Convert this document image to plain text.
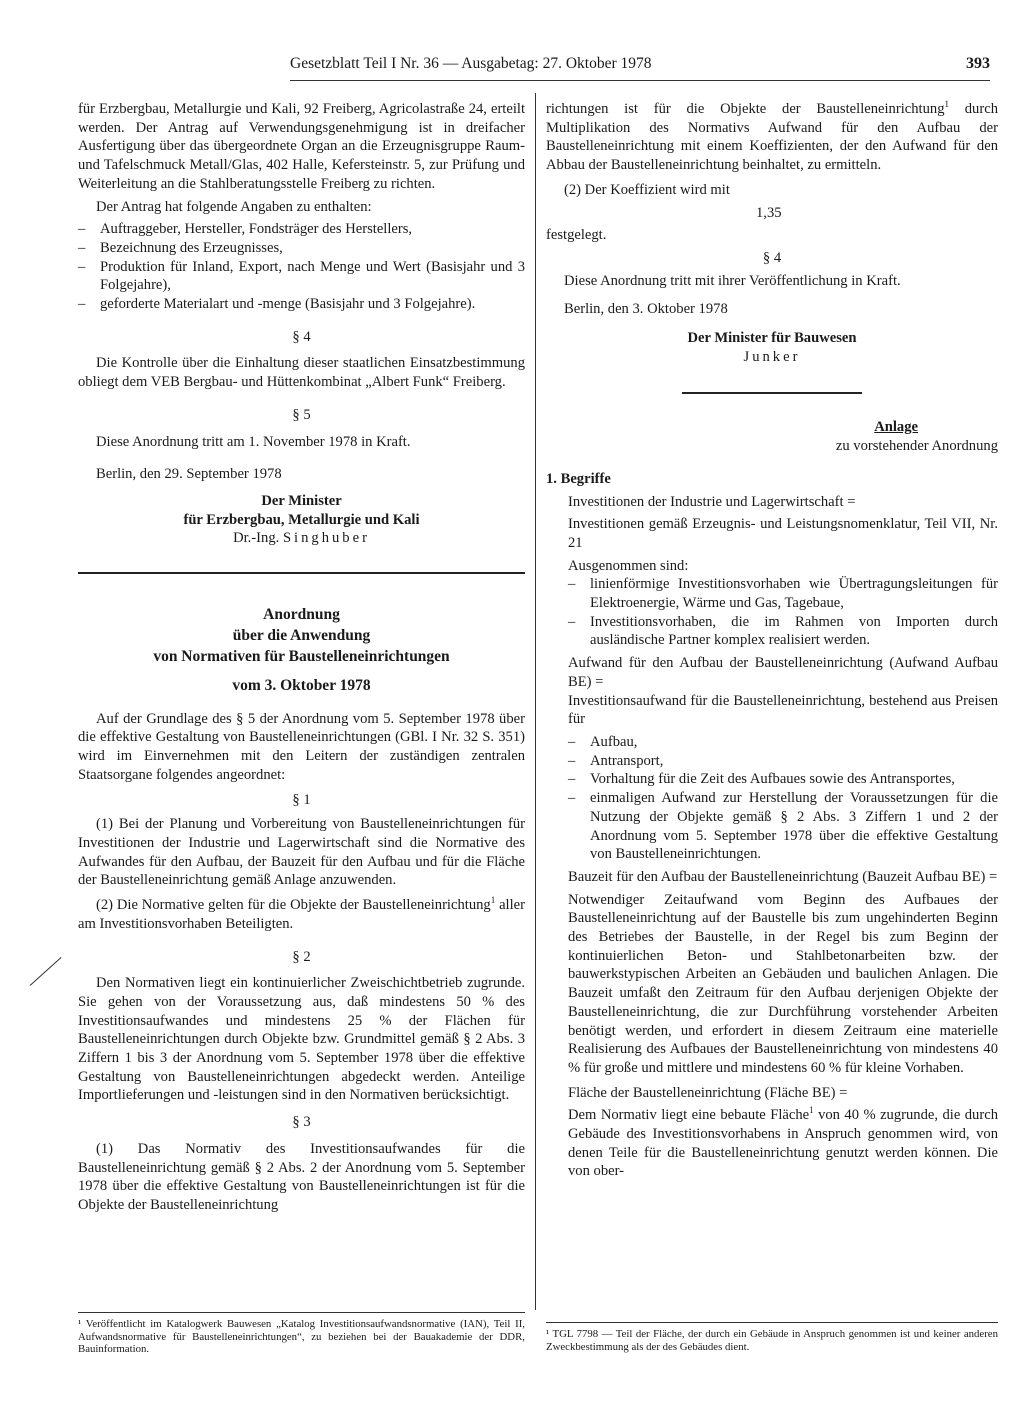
Gesetzblatt Teil I Nr. 36 — Ausgabetag: 27. Oktober 1978	393

für Erzbergbau, Metallurgie und Kali, 92 Freiberg, Agricolastraße 24, erteilt werden. Der Antrag auf Verwendungsgenehmigung ist in dreifacher Ausfertigung über das übergeordnete Organ an die Erzeugnisgruppe Raum- und Tafelschmuck Metall/Glas, 402 Halle, Kefersteinstr. 5, zur Prüfung und Weiterleitung an die Stahlberatungsstelle Freiberg zu richten.

Der Antrag hat folgende Angaben zu enthalten:

–	Auftraggeber, Hersteller, Fondsträger des Herstellers,
–	Bezeichnung des Erzeugnisses,
–	Produktion für Inland, Export, nach Menge und Wert (Basisjahr und 3 Folgejahre),
–	geforderte Materialart und -menge (Basisjahr und 3 Folgejahre).

§ 4

Die Kontrolle über die Einhaltung dieser staatlichen Einsatzbestimmung obliegt dem VEB Bergbau- und Hüttenkombinat „Albert Funk“ Freiberg.

§ 5

Diese Anordnung tritt am 1. November 1978 in Kraft.

Berlin, den 29. September 1978

Der Minister

für Erzbergbau, Metallurgie und Kali

Dr.-Ing. Singhuber

Anordnung
über die Anwendung
von Normativen für Baustelleneinrichtungen

vom 3. Oktober 1978

Auf der Grundlage des § 5 der Anordnung vom 5. September 1978 über die effektive Gestaltung von Baustelleneinrichtungen (GBl. I Nr. 32 S. 351) wird im Einvernehmen mit den Leitern der zuständigen zentralen Staatsorgane folgendes angeordnet:

§ 1

(1) Bei der Planung und Vorbereitung von Baustelleneinrichtungen für Investitionen der Industrie und Lagerwirtschaft sind die Normative des Aufwandes für den Aufbau, der Bauzeit für den Aufbau und für die Fläche der Baustelleneinrichtung gemäß Anlage anzuwenden.

(2) Die Normative gelten für die Objekte der Baustelleneinrichtung$^1$ aller am Investitionsvorhaben Beteiligten.

§ 2

Den Normativen liegt ein kontinuierlicher Zweischichtbetrieb zugrunde. Sie gehen von der Voraussetzung aus, daß mindestens 50 % des Investitionsaufwandes und mindestens 25 % der Flächen für Baustelleneinrichtungen durch Objekte bzw. Grundmittel gemäß § 2 Abs. 3 Ziffern 1 bis 3 der Anordnung vom 5. September 1978 über die effektive Gestaltung von Baustelleneinrichtungen abgedeckt werden. Anteilige Importlieferungen und -leistungen sind in den Normativen berücksichtigt.

§ 3

(1) Das Normativ des Investitionsaufwandes für die Baustelleneinrichtung gemäß § 2 Abs. 2 der Anordnung vom 5. September 1978 über die effektive Gestaltung von Baustelleneinrichtungen ist für die Objekte der Baustelleneinrichtung

¹ Veröffentlicht im Katalogwerk Bauwesen „Katalog Investitionsaufwandsnormative (IAN), Teil II, Aufwandsnormative für Baustelleneinrichtungen“, zu beziehen bei der Bauakademie der DDR, Bauinformation.

richtungen ist für die Objekte der Baustelleneinrichtung$^1$ durch Multiplikation des Normativs Aufwand für den Aufbau der Baustelleneinrichtung mit einem Koeffizienten, der den Aufwand für den Abbau der Baustelleneinrichtung beinhaltet, zu ermitteln.

(2) Der Koeffizient wird mit

1,35

festgelegt.

§ 4

Diese Anordnung tritt mit ihrer Veröffentlichung in Kraft.

Berlin, den 3. Oktober 1978

Der Minister für Bauwesen

Junker

Anlage

zu vorstehender Anordnung

1. Begriffe

Investitionen der Industrie und Lagerwirtschaft =

Investitionen gemäß Erzeugnis- und Leistungsnomenklatur, Teil VII, Nr. 21

Ausgenommen sind:

–	linienförmige Investitionsvorhaben wie Übertragungsleitungen für Elektroenergie, Wärme und Gas, Tagebaue,
–	Investitionsvorhaben, die im Rahmen von Importen durch ausländische Partner komplex realisiert werden.

Aufwand für den Aufbau der Baustelleneinrichtung (Aufwand Aufbau BE) =

Investitionsaufwand für die Baustelleneinrichtung, bestehend aus Preisen für

–	Aufbau,
–	Antransport,
–	Vorhaltung für die Zeit des Aufbaues sowie des Antransportes,
–	einmaligen Aufwand zur Herstellung der Voraussetzungen für die Nutzung der Objekte gemäß § 2 Abs. 3 Ziffern 1 und 2 der Anordnung vom 5. September 1978 über die effektive Gestaltung von Baustelleneinrichtungen.

Bauzeit für den Aufbau der Baustelleneinrichtung (Bauzeit Aufbau BE) =

Notwendiger Zeitaufwand vom Beginn des Aufbaues der Baustelleneinrichtung auf der Baustelle bis zum ungehinderten Beginn des Betriebes der Baustelle, in der Regel bis zum Beginn der kontinuierlichen Beton- und Stahlbetonarbeiten bzw. der bauwerkstypischen Arbeiten an Gebäuden und baulichen Anlagen. Die Bauzeit umfaßt den Zeitraum für den Aufbau derjenigen Objekte der Baustelleneinrichtung, die zur Durchführung vorstehender Arbeiten benötigt werden, und erfordert in diesem Zeitraum eine materielle Realisierung des Aufbaues der Baustelleneinrichtung von mindestens 40 % für große und mittlere und mindestens 60 % für kleine Vorhaben.

Fläche der Baustelleneinrichtung (Fläche BE) =

Dem Normativ liegt eine bebaute Fläche$^1$ von 40 % zugrunde, die durch Gebäude des Investitionsvorhabens in Anspruch genommen wird, von denen Teile für die Baustelleneinrichtung genutzt werden können. Die von ober-

¹ TGL 7798 — Teil der Fläche, der durch ein Gebäude in Anspruch genommen ist und keiner anderen Zweckbestimmung als der des Gebäudes dient.
